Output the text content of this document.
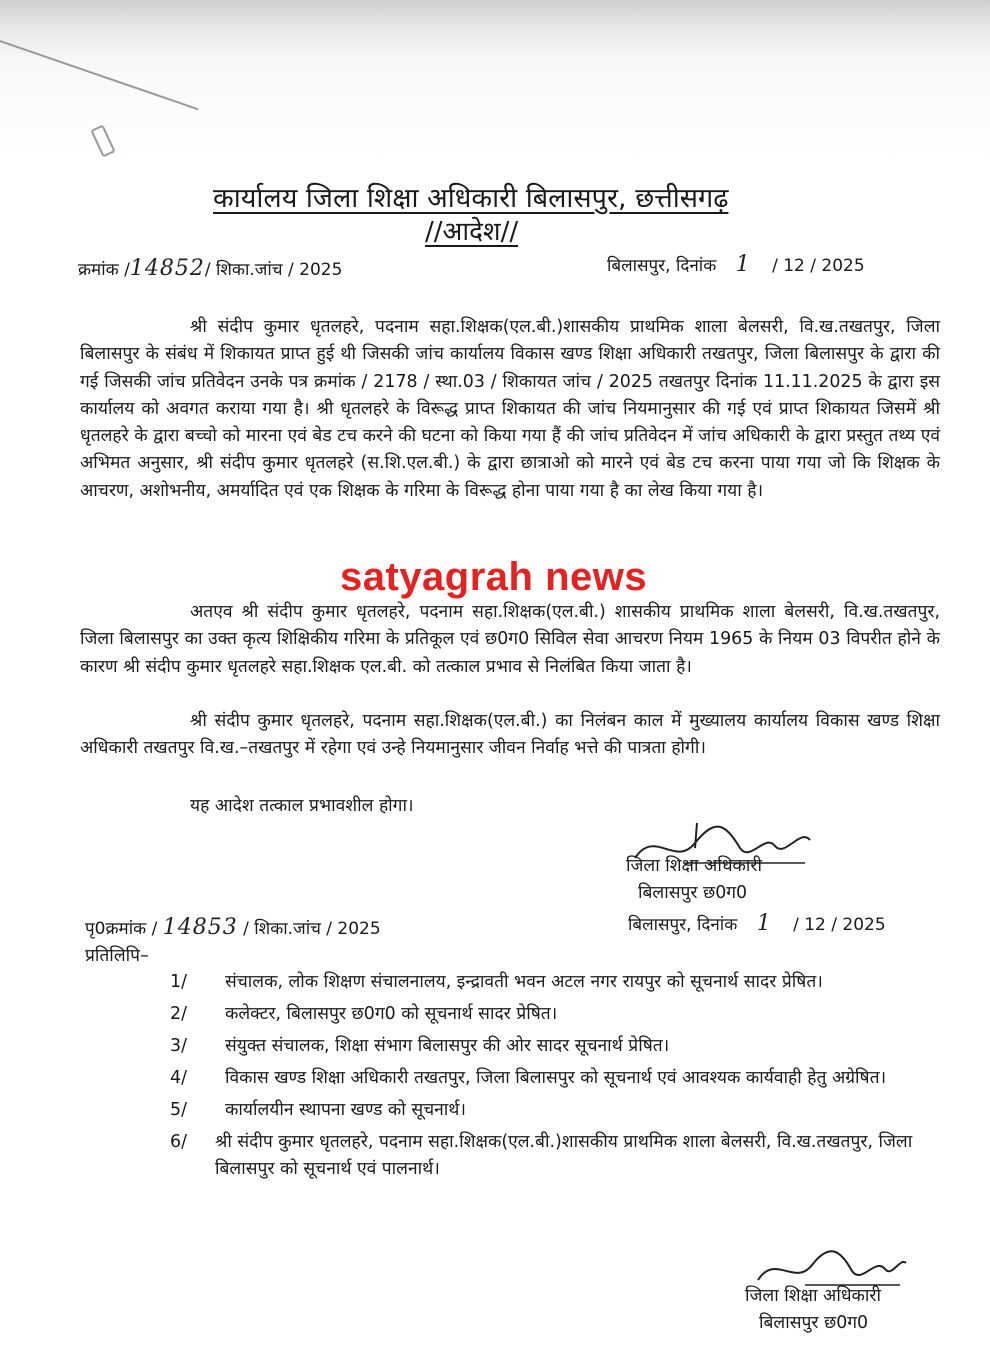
कार्यालय जिला शिक्षा अधिकारी बिलासपुर, छत्तीसगढ़
//आदेश//
क्रमांक /14852/ शिका.जांच / 2025	बिलासपुर, दिनांक 1 / 12 / 2025

श्री संदीप कुमार धृतलहरे, पदनाम सहा.शिक्षक(एल.बी.)शासकीय प्राथमिक शाला बेलसरी, वि.ख.तखतपुर, जिला बिलासपुर के संबंध में शिकायत प्राप्त हुई थी जिसकी जांच कार्यालय विकास खण्ड शिक्षा अधिकारी तखतपुर, जिला बिलासपुर के द्वारा की गई जिसकी जांच प्रतिवेदन उनके पत्र क्रमांक / 2178 / स्था.03 / शिकायत जांच / 2025 तखतपुर दिनांक 11.11.2025 के द्वारा इस कार्यालय को अवगत कराया गया है। श्री धृतलहरे के विरूद्ध प्राप्त शिकायत की जांच नियमानुसार की गई एवं प्राप्त शिकायत जिसमें श्री धृतलहरे के द्वारा बच्चो को मारना एवं बेड टच करने की घटना को किया गया हैं की जांच प्रतिवेदन में जांच अधिकारी के द्वारा प्रस्तुत तथ्य एवं अभिमत अनुसार, श्री संदीप कुमार धृतलहरे (स.शि.एल.बी.) के द्वारा छात्राओ को मारने एवं बेड टच करना पाया गया जो कि शिक्षक के आचरण, अशोभनीय, अमर्यादित एवं एक शिक्षक के गरिमा के विरूद्ध होना पाया गया है का लेख किया गया है।

अतएव श्री संदीप कुमार धृतलहरे, पदनाम सहा.शिक्षक(एल.बी.) शासकीय प्राथमिक शाला बेलसरी, वि.ख.तखतपुर, जिला बिलासपुर का उक्त कृत्य शिक्षिकीय गरिमा के प्रतिकूल एवं छ0ग0 सिविल सेवा आचरण नियम 1965 के नियम 03 विपरीत होने के कारण श्री संदीप कुमार धृतलहरे सहा.शिक्षक एल.बी. को तत्काल प्रभाव से निलंबित किया जाता है।

श्री संदीप कुमार धृतलहरे, पदनाम सहा.शिक्षक(एल.बी.) का निलंबन काल में मुख्यालय कार्यालय विकास खण्ड शिक्षा अधिकारी तखतपुर वि.ख.–तखतपुर में रहेगा एवं उन्हे नियमानुसार जीवन निर्वाह भत्ते की पात्रता होगी।

यह आदेश तत्काल प्रभावशील होगा।

satyagrah news
जिला शिक्षा अधिकारी
बिलासपुर छ0ग0
बिलासपुर, दिनांक 1 / 12 / 2025
पृ0क्रमांक / 14853 / शिका.जांच / 2025
प्रतिलिपि–
1/ संचालक, लोक शिक्षण संचालनालय, इन्द्रावती भवन अटल नगर रायपुर को सूचनार्थ सादर प्रेषित।
2/ कलेक्टर, बिलासपुर छ0ग0 को सूचनार्थ सादर प्रेषित।
3/ संयुक्त संचालक, शिक्षा संभाग बिलासपुर की ओर सादर सूचनार्थ प्रेषित।
4/ विकास खण्ड शिक्षा अधिकारी तखतपुर, जिला बिलासपुर को सूचनार्थ एवं आवश्यक कार्यवाही हेतु अग्रेषित।
5/ कार्यालयीन स्थापना खण्ड को सूचनार्थ।
6/ श्री संदीप कुमार धृतलहरे, पदनाम सहा.शिक्षक(एल.बी.)शासकीय प्राथमिक शाला बेलसरी, वि.ख.तखतपुर, जिला बिलासपुर को सूचनार्थ एवं पालनार्थ।
जिला शिक्षा अधिकारी
बिलासपुर छ0ग0
